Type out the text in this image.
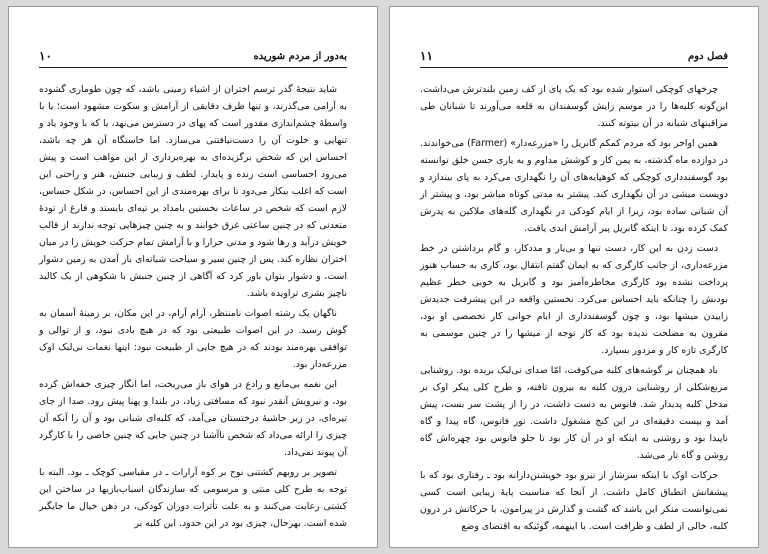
۱۰	به‌دور از مردم شوریده

شاید نتیجهٔ گذر ترسم اختران از اشیاء زمینی باشد، که چون طوماری گشوده به آرامی می‌گذرند، و تنها ظرف دقایقی از آرامش و سکوت مشهود است؛ یا با واسطهٔ چشم‌اندازی مقدور است که پهای در دسترس می‌نهد، یا که با وجود یاد و تنهایی و خلوت آن را دست‌نیافتنی می‌سازد. اما خاستگاه آن هر چه باشد، احساس این که شخص برگزیده‌ای به بهره‌برداری از این مواهب است و پیش می‌رود احساسی است زنده و پایدار. لطف و زیبایی جنبش، هنر و راحتی این است که اغلب بیکار می‌دود تا برای بهره‌مندی از این احساس، در شکل حساس، لازم است که شخص در ساعات نخستین بامداد بر تپه‌ای بایستد و فارغ از تودهٔ متعدنی که در چنین ساعتی غرق خوابند و به چنین چیزهایی توجه ندارند از قالب خویش درآید و رها شود و مدنی حرارا و با آرامش تمام حرکت خویش را در میان اختران نظاره کند. پس از چنین سیر و سیاحت شبانه‌ای باز آمدن به زمین دشوار است، و دشوار بتوان باور کرد که آگاهی از چنین جنبش با شکوهی از یک کالبد ناچیز بشری تراویده باشد.

ناگهان یک رشته اصوات نامنتظر، آرام آرام، در این مکان، بر زمینهٔ آسمان به گوش رسید. در این اصوات طبیعتی بود که در هیچ بادی نبود، و از توالی و توافقی بهره‌مند بودند که در هیچ جایی از طبیعت نبود: اینها نغمات نی‌لبک اوک مزرعه‌دار بود.

این نغمه بی‌مانع و رادع در هوای باز می‌ریخت، اما انگار چیزی خفه‌اش کرده بود، و نیرویش آنقدر نبود که مسافتی زیاد، در بلندا و پهنا پیش رود. صدا از جای تیره‌ای، در زیر حاشیهٔ درختستان می‌آمد، که کلبه‌ای شبانی بود و آن را آنکه آن چیزی را ارائه می‌داد که شخص ناآشنا در چنین جایی که چنین خاصی را با کارگرد آن پیوند نمی‌داد.

تصویر بر روبهم کشتنی نوح بر کوه آرارات ـ در مقیاسی کوچک ـ بود. البته با توجه به طرح کلی منتی و مرسومی که سازندگان اسباب‌بازیها در ساختن این کشتی رعایت می‌کنند و به علت تأثرات دوران کودکی، در ذهن خیال ما جایگیر شده است. بهرحال، چیزی بود در این حدود. این کلبه بر

۱۱	فصل دوم

چرخهای کوچکی استوار شده بود که یک پای از کف زمین بلندترش می‌داشت. این‌گونه کلبه‌ها را در موسم زایش گوسفندان به قلعه می‌آورند تا شبانان طی مراقبتهای شبانه در آن بیتوته کنند.

همین اواخر بود که مردم کمکم گابریل را «مزرعه‌دار» (Farmer) می‌خواندند. در دوازده ماه گذشته، به یمن کار و کوشش مداوم و به یاری حسن خلق توانسته بود گوسفندداری کوچکی که کوهپایه‌های آن را نگهداری می‌کرد به پای بیندازد و دویست میشی در آن نگهداری کند. پیشتر به مدتی کوتاه مباشر بود، و پیشتر از آن شبانی ساده بود، زیرا از ایام کودکی در نگهداری گله‌های ملاکین به پدرش کمک کرده بود، تا اینکه گابریل پیر آرامش ابدی یافت.

دست زدن به این کار، دست تنها و بی‌یار و مددکار، و گام برداشتن در خط مزرعه‌داری، از جانب کارگری که به ایمان گفتم انتقال بود، کاری به حساب هنوز پرداخت نشده بود کارگری مخاطره‌آمیز بود و گابریل به خوبی خطر عظیم بودنش را چنانکه باید احساس می‌کرد. نخستین واقعه در این پیشرفت جدیدش زاییدن میشها بود، و چون گوسفندداری از ایام جوانی کار تخصصی او بود، مقرون به مصلحت ندیده بود که کار توجه از میشها را در چنین موسمی به کارگری تازه کار و مزدور بسپارد.

باد همچنان بر گوشه‌های کلبه می‌کوفت، امّا صدای نی‌لبک بریده بود. روشنایی مربع‌شکلی از روشنایی درون کلبه به بیرون تافته، و طرح کلی پیکر اوک بر مدخل کلبه پدیدار شد. فانوس به دست داشت، در را از پشت سر بست، پیش آمد و بیست دقیقه‌ای در این کنج مشغول داشت. نور فانوس، گاه پیدا و گاه ناپیدا بود و روشنی به اینکه او در آن کار بود تا جلو فانوس بود چهره‌اش گاه روشن و گاه تار می‌شد.

حرکات اوک با اینکه سرشار از نیرو بود خویشتن‌دارانه بود ـ رفتاری بود که با پیشفانش انطباق کامل داشت. از آنجا که مناسبت پایهٔ زیبایی است کسی نمی‌توانست منکر این باشد که گشت و گذارش در پیرامون، با حرکاتش در درون کلبه، خالی از لطف و ظرافت است. با اینهمه، گوئیکه به اقتضای وضع
